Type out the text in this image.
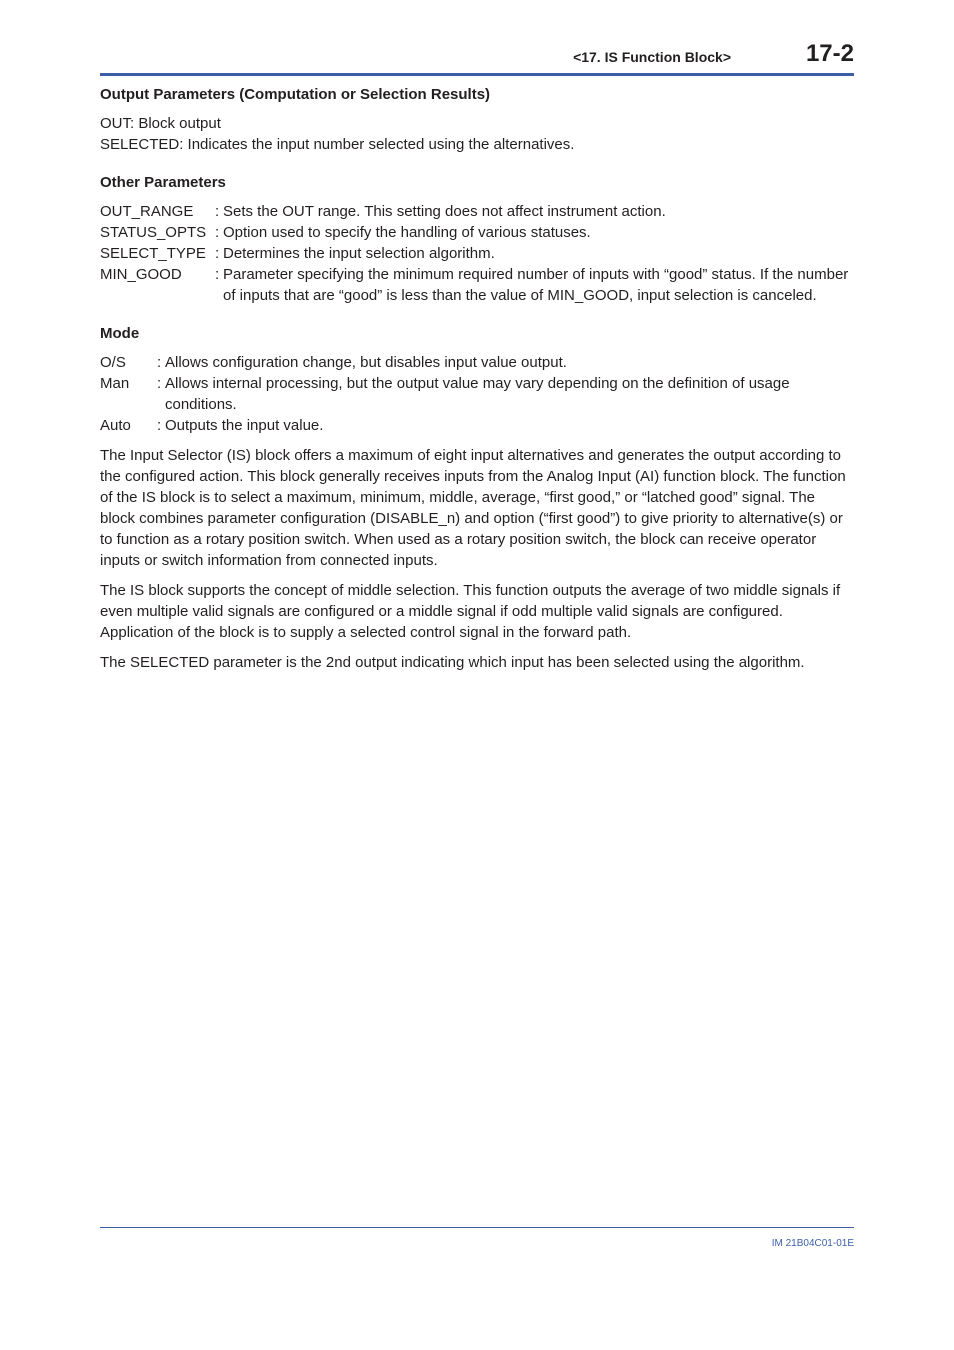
<17. IS Function Block>	17-2
Output Parameters (Computation or Selection Results)
OUT: Block output
SELECTED: Indicates the input number selected using the alternatives.
Other Parameters
OUT_RANGE	: Sets the OUT range. This setting does not affect instrument action.
STATUS_OPTS : Option used to specify the handling of various statuses.
SELECT_TYPE : Determines the input selection algorithm.
MIN_GOOD	: Parameter specifying the minimum required number of inputs with “good” status. If the number of inputs that are “good” is less than the value of MIN_GOOD, input selection is canceled.
Mode
O/S	: Allows configuration change, but disables input value output.
Man	: Allows internal processing, but the output value may vary depending on the definition of usage conditions.
Auto	: Outputs the input value.

The Input Selector (IS) block offers a maximum of eight input alternatives and generates the output according to the configured action. This block generally receives inputs from the Analog Input (AI) function block. The function of the IS block is to select a maximum, minimum, middle, average, “first good,” or “latched good” signal. The block combines parameter configuration (DISABLE_n) and option (“first good”) to give priority to alternative(s) or to function as a rotary position switch. When used as a rotary position switch, the block can receive operator inputs or switch information from connected inputs.

The IS block supports the concept of middle selection. This function outputs the average of two middle signals if even multiple valid signals are configured or a middle signal if odd multiple valid signals are configured. Application of the block is to supply a selected control signal in the forward path.

The SELECTED parameter is the 2nd output indicating which input has been selected using the algorithm.

IM 21B04C01-01E
